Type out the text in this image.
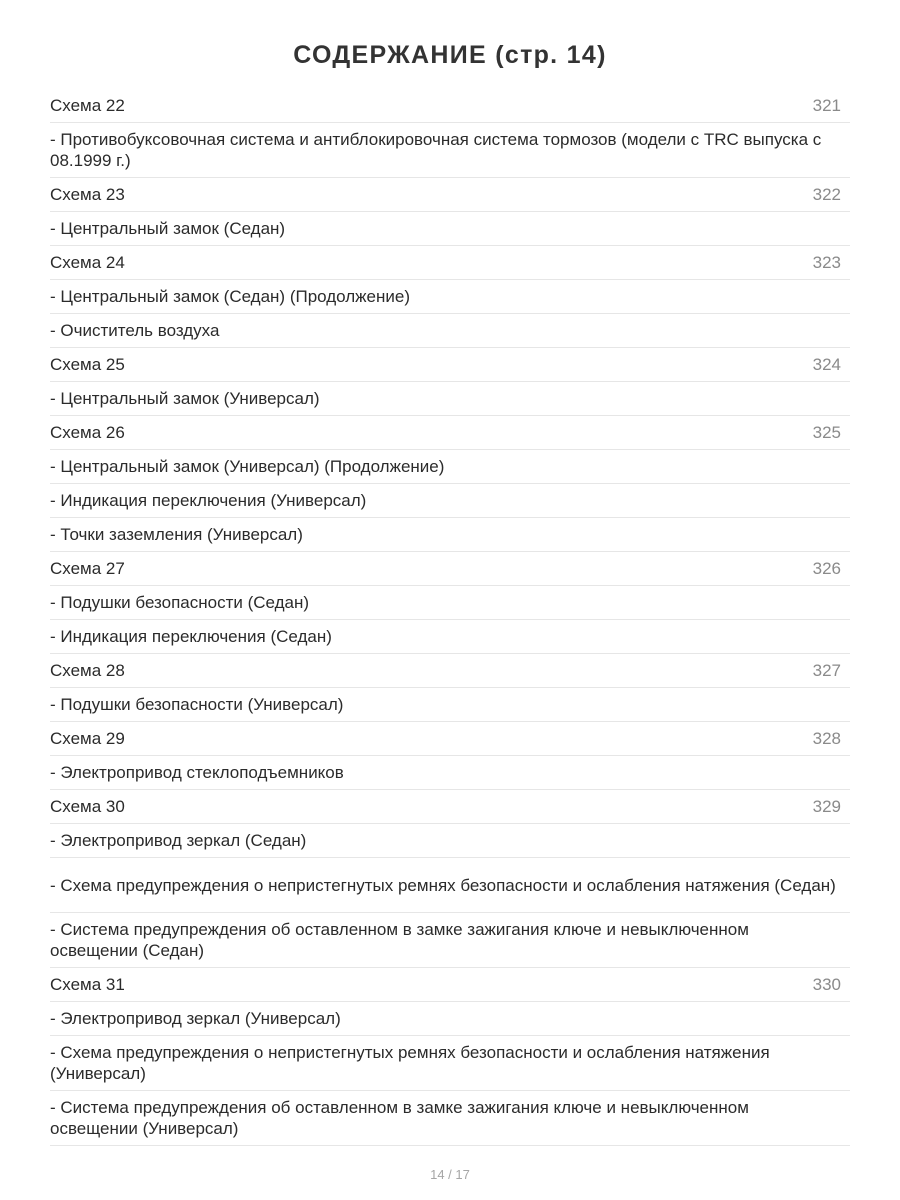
СОДЕРЖАНИЕ (стр. 14)
Схема 22	321
- Противобуксовочная система и антиблокировочная система тормозов (модели с TRC выпуска с 08.1999 г.)
Схема 23	322
- Центральный замок (Седан)
Схема 24	323
- Центральный замок (Седан) (Продолжение)
- Очиститель воздуха
Схема 25	324
- Центральный замок (Универсал)
Схема 26	325
- Центральный замок (Универсал) (Продолжение)
- Индикация переключения (Универсал)
- Точки заземления (Универсал)
Схема 27	326
- Подушки безопасности (Седан)
- Индикация переключения (Седан)
Схема 28	327
- Подушки безопасности (Универсал)
Схема 29	328
- Электропривод стеклоподъемников
Схема 30	329
- Электропривод зеркал (Седан)
- Схема предупреждения о непристегнутых ремнях безопасности и ослабления натяжения (Седан)
- Система предупреждения об оставленном в замке зажигания ключе и невыключенном освещении (Седан)
Схема 31	330
- Электропривод зеркал (Универсал)
- Схема предупреждения о непристегнутых ремнях безопасности и ослабления натяжения (Универсал)
- Система предупреждения об оставленном в замке зажигания ключе и невыключенном освещении (Универсал)
14 / 17
